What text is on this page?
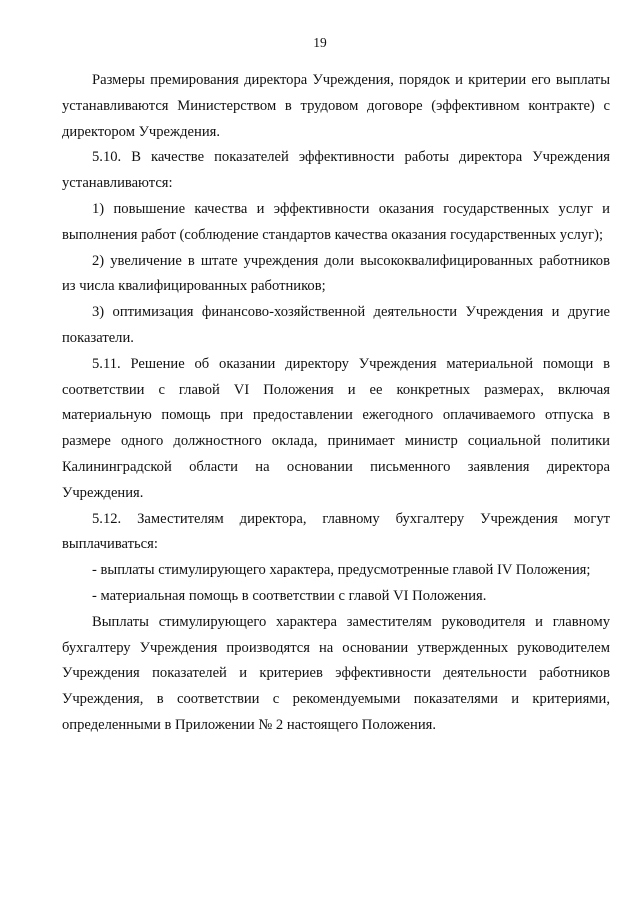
19

Размеры премирования директора Учреждения, порядок и критерии его выплаты устанавливаются Министерством в трудовом договоре (эффективном контракте) с директором Учреждения.

5.10. В качестве показателей эффективности работы директора Учреждения устанавливаются:

1) повышение качества и эффективности оказания государственных услуг и выполнения работ (соблюдение стандартов качества оказания государственных услуг);

2) увеличение в штате учреждения доли высококвалифицированных работников из числа квалифицированных работников;

3) оптимизация финансово-хозяйственной деятельности Учреждения и другие показатели.

5.11. Решение об оказании директору Учреждения материальной помощи в соответствии с главой VI Положения и ее конкретных размерах, включая материальную помощь при предоставлении ежегодного оплачиваемого отпуска в размере одного должностного оклада, принимает министр социальной политики Калининградской области на основании письменного заявления директора Учреждения.

5.12. Заместителям директора, главному бухгалтеру Учреждения могут выплачиваться:

- выплаты стимулирующего характера, предусмотренные главой IV Положения;

- материальная помощь в соответствии с главой VI Положения.

Выплаты стимулирующего характера заместителям руководителя и главному бухгалтеру Учреждения производятся на основании утвержденных руководителем Учреждения показателей и критериев эффективности деятельности работников Учреждения, в соответствии с рекомендуемыми показателями и критериями, определенными в Приложении № 2 настоящего Положения.
